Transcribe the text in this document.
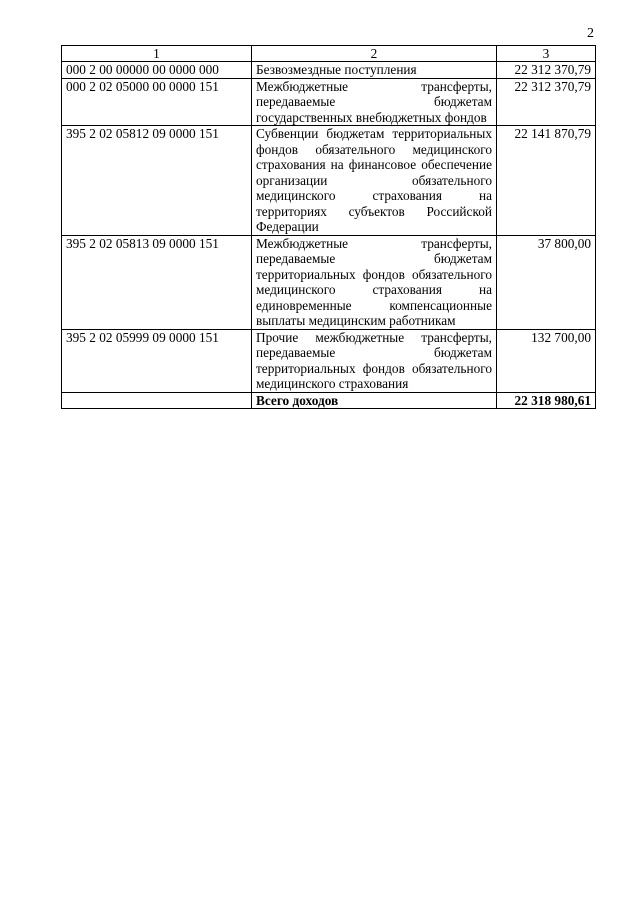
2
1	2	3
000 2 00 00000 00 0000 000	Безвозмездные поступления	22 312 370,79
000 2 02 05000 00 0000 151	Межбюджетные трансферты, передаваемые бюджетам государственных внебюджетных фондов	22 312 370,79
395 2 02 05812 09 0000 151	Субвенции бюджетам территориальных фондов обязательного медицинского страхования на финансовое обеспечение организации обязательного медицинского страхования на территориях субъектов Российской Федерации	22 141 870,79
395 2 02 05813 09 0000 151	Межбюджетные трансферты, передаваемые бюджетам территориальных фондов обязательного медицинского страхования на единовременные компенсационные выплаты медицинским работникам	37 800,00
395 2 02 05999 09 0000 151	Прочие межбюджетные трансферты, передаваемые бюджетам территориальных фондов обязательного медицинского страхования	132 700,00
	Всего доходов	22 318 980,61
